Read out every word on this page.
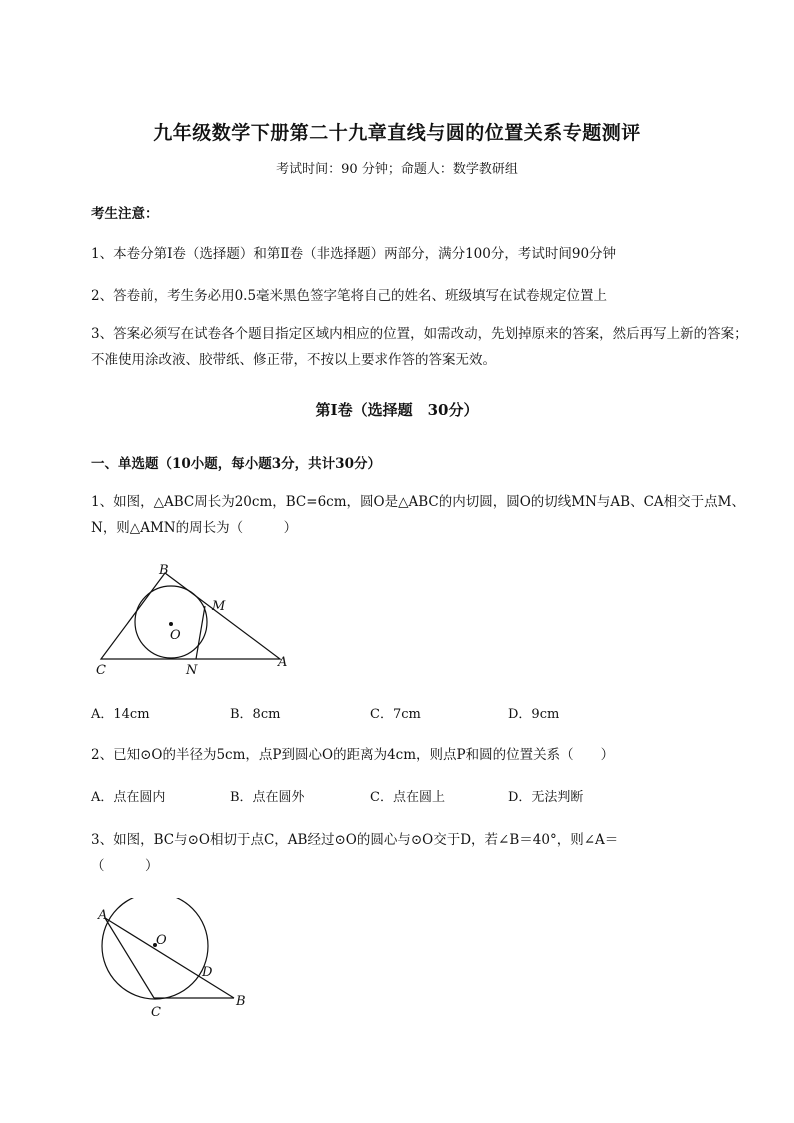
九年级数学下册第二十九章直线与圆的位置关系专题测评
考试时间：90 分钟；命题人：数学教研组
考生注意：
1、本卷分第Ⅰ卷（选择题）和第Ⅱ卷（非选择题）两部分，满分100分，考试时间90分钟
2、答卷前，考生务必用0.5毫米黑色签字笔将自己的姓名、班级填写在试卷规定位置上
3、答案必须写在试卷各个题目指定区域内相应的位置，如需改动，先划掉原来的答案，然后再写上新的答案；不准使用涂改液、胶带纸、修正带，不按以上要求作答的答案无效。
第Ⅰ卷（选择题　30分）
一、单选题（10小题，每小题3分，共计30分）
1、如图，△ABC周长为20cm，BC=6cm，圆O是△ABC的内切圆，圆O的切线MN与AB、CA相交于点M、N，则△AMN的周长为（　　　）
B
M
O
C	N
A
A．14cm	B．8cm	C．7cm	D．9cm
2、已知⊙O的半径为5cm，点P到圆心O的距离为4cm，则点P和圆的位置关系（　　）
A．点在圆内	B．点在圆外	C．点在圆上	D．无法判断
3、如图，BC与⊙O相切于点C，AB经过⊙O的圆心与⊙O交于D，若∠B＝40°，则∠A＝
（　　　）
A
O
D
C
B
